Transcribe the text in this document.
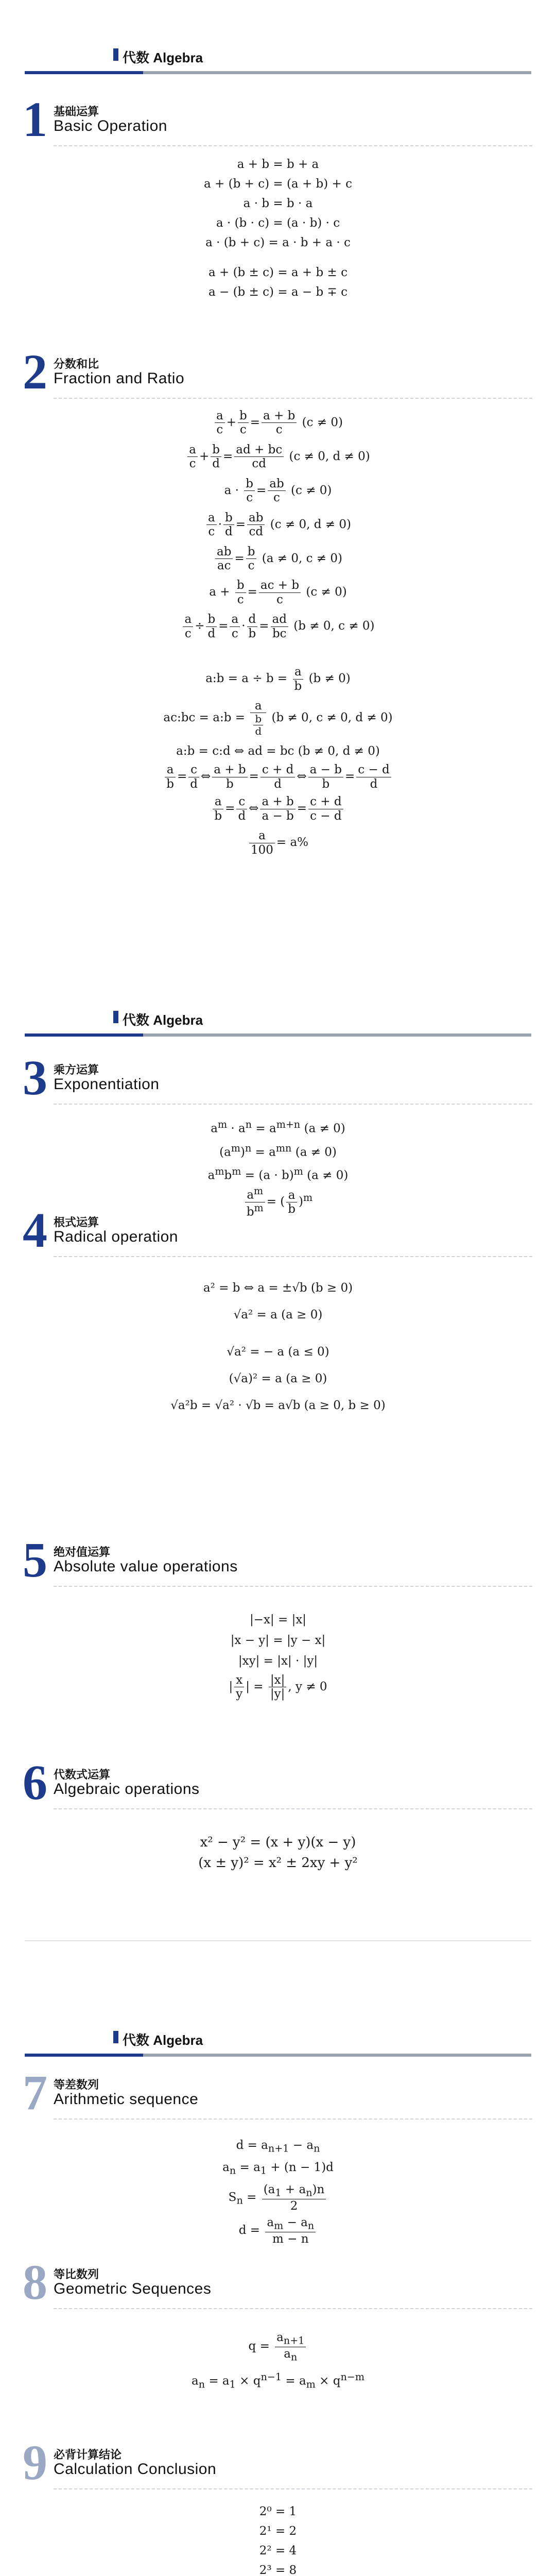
代数 Algebra
1 基础运算
Basic Operation
a + b = b + a
a + (b + c) = (a + b) + c
a · b = b · a
a · (b · c) = (a · b) · c
a · (b + c) = a · b + a · c
a + (b ± c) = a + b ± c
a − (b ± c) = a − b ∓ c
2 分数和比
Fraction and Ratio
$\frac{a}{c} + \frac{b}{c} = \frac{a + b}{c} (c \ne 0)$
$\frac{a}{c} + \frac{b}{d} = \frac{ad + bc}{cd} (c \ne 0$, d ≠ 0)
$a \cdot \frac{b}{c} = \frac{ab}{c} (c \ne 0)$
$\frac{a}{c} \cdot \frac{b}{d} = \frac{ab}{cd} (c \ne 0$, d ≠ 0)
$\frac{ab}{ac} = \frac{b}{c} (a \ne 0$, c ≠ 0)
$a + \frac{b}{c} = \frac{ac + b}{c} (c \ne 0)$
$\frac{a}{c} \div \frac{b}{d} = \frac{a}{c} \cdot \frac{d}{b} = \frac{ad}{bc} (b \ne 0$, c ≠ 0)
a:b = $a \div b = \frac{a}{b} (b \ne 0)$
ac:bc = a:b = $\frac{a}{\frac{b}{d}} (b \ne 0$, c ≠ 0, d ≠ 0)
a:b = c:d ⇔ ad = bc (b ≠ 0, d ≠ 0)
$\frac{a}{b} = \frac{c}{d}$ ⇔ $\frac{a + b}{b} = \frac{c + d}{d}$ ⇔ $\frac{a - b}{b} = \frac{c - d}{d}$
$\frac{a}{b} = \frac{c}{d}$ ⇔ $\frac{a + b}{a - b} = \frac{c + d}{c - d}$
$\frac{a}{100} = a\%$
代数 Algebra
3 乘方运算
Exponentiation
$a^m \cdot a^n = a^{m+n}$ (a ≠ 0)
$(a^m)^n = a^{mn}$ (a ≠ 0)
$a^mb^m = (a \cdot b)^m$ (a ≠ 0)
$\frac{a^m}{b^m}$ = ( $\frac{a}{b} )^m$
4 根式运算
Radical operation
a² = b ⇔ a = ±√b (b ≥ 0)
√a² = a (a ≥ 0)
√a² = − a (a ≤ 0)
(√a)² = a (a ≥ 0)
√a²b = √a² · √b = a√b (a ≥ 0, b ≥ 0)
5 绝对值运算
Absolute value operations
|−x| = |x|
|x − y| = |y − x|
|xy| = |x| · |y|
| $\frac{x}{y}$ | = $\frac{|x|}{|y|}$ , y ≠ 0
6 代数式运算
Algebraic operations
x² − y² = (x + y)(x − y)
(x ± y)² = x² ± 2xy + y²
代数 Algebra
7 等差数列
Arithmetic sequence
$d = a_{n+1} - a_n$
$a_n = a_1 + (n - 1)d$
$S_n = \frac{(a_1 + a_n)n}{2}$
$d = \frac{a_m - a_n}{m - n}$
8 等比数列
Geometric Sequences
$q = \frac{a_{n+1}}{a_n}$
$a_n = a_1 \times q^{n-1} = a_m \times q^{n-m}$
9 必背计算结论
Calculation Conclusion
2⁰ = 1
2¹ = 2
2² = 4
2³ = 8
